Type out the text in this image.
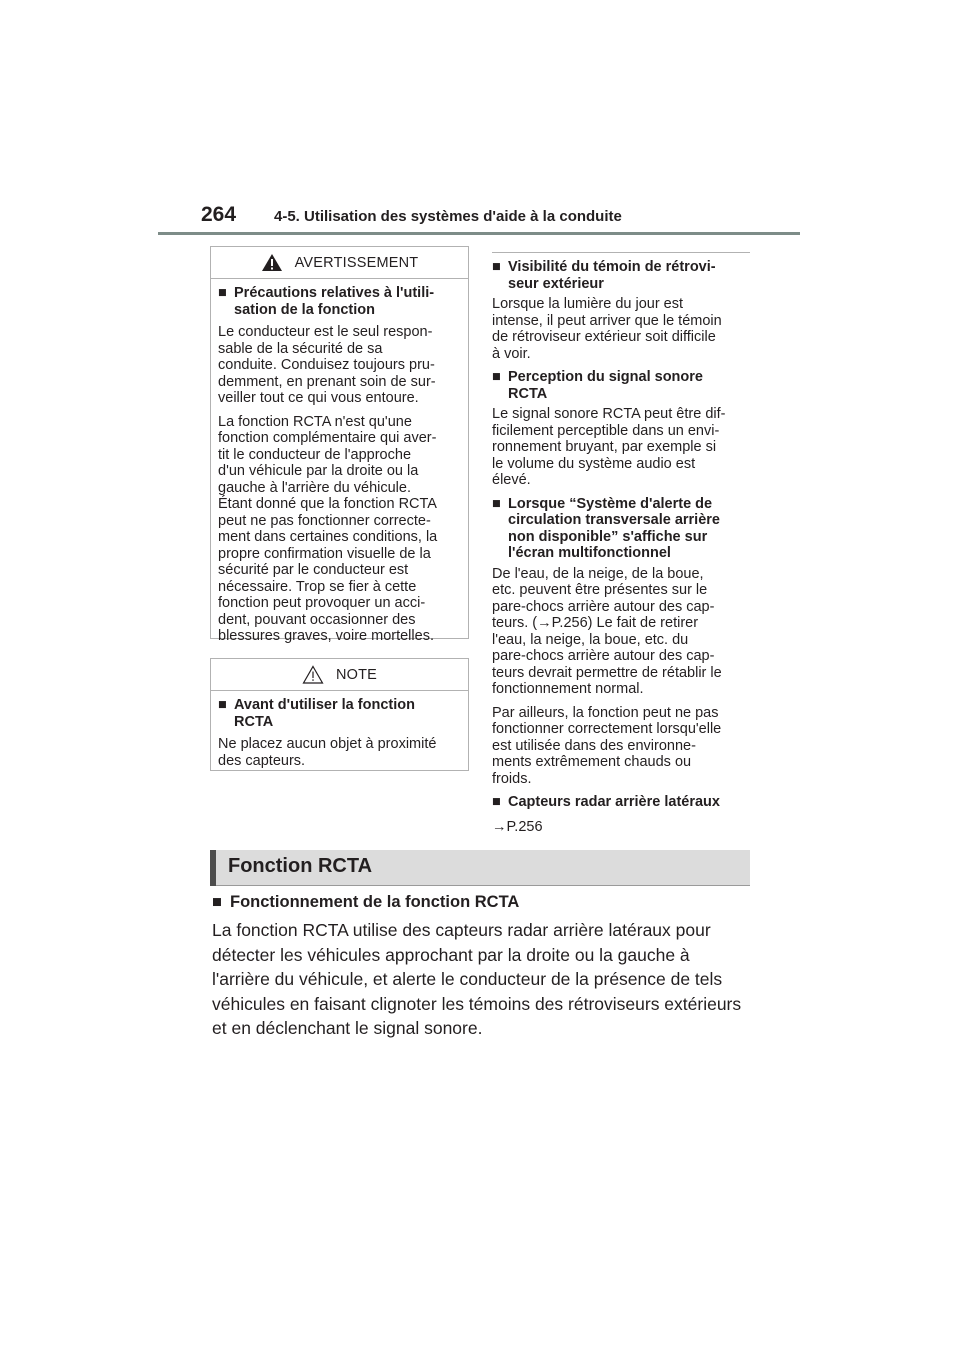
264	4-5. Utilisation des systèmes d'aide à la conduite
AVERTISSEMENT
■ Précautions relatives à l'utili-
sation de la fonction

Le conducteur est le seul respon-
sable de la sécurité de sa
conduite. Conduisez toujours pru-
demment, en prenant soin de sur-
veiller tout ce qui vous entoure.

La fonction RCTA n'est qu'une
fonction complémentaire qui aver-
tit le conducteur de l'approche
d'un véhicule par la droite ou la
gauche à l'arrière du véhicule.
Étant donné que la fonction RCTA
peut ne pas fonctionner correcte-
ment dans certaines conditions, la
propre confirmation visuelle de la
sécurité par le conducteur est
nécessaire. Trop se fier à cette
fonction peut provoquer un acci-
dent, pouvant occasionner des
blessures graves, voire mortelles.

NOTE
■ Avant d'utiliser la fonction
RCTA

Ne placez aucun objet à proximité
des capteurs.

■ Visibilité du témoin de rétrovi-
seur extérieur

Lorsque la lumière du jour est
intense, il peut arriver que le témoin
de rétroviseur extérieur soit difficile
à voir.

■ Perception du signal sonore
RCTA

Le signal sonore RCTA peut être dif-
ficilement perceptible dans un envi-
ronnement bruyant, par exemple si
le volume du système audio est
élevé.

■ Lorsque “Système d'alerte de
circulation transversale arrière
non disponible” s'affiche sur
l'écran multifonctionnel

De l'eau, de la neige, de la boue,
etc. peuvent être présentes sur le
pare-chocs arrière autour des cap-
teurs. (→P.256) Le fait de retirer
l'eau, la neige, la boue, etc. du
pare-chocs arrière autour des cap-
teurs devrait permettre de rétablir le
fonctionnement normal.

Par ailleurs, la fonction peut ne pas
fonctionner correctement lorsqu'elle
est utilisée dans des environne-
ments extrêmement chauds ou
froids.

■ Capteurs radar arrière latéraux

→P.256

Fonction RCTA
■ Fonctionnement de la fonction RCTA
La fonction RCTA utilise des capteurs radar arrière latéraux pour
détecter les véhicules approchant par la droite ou la gauche à
l'arrière du véhicule, et alerte le conducteur de la présence de tels
véhicules en faisant clignoter les témoins des rétroviseurs extérieurs
et en déclenchant le signal sonore.
